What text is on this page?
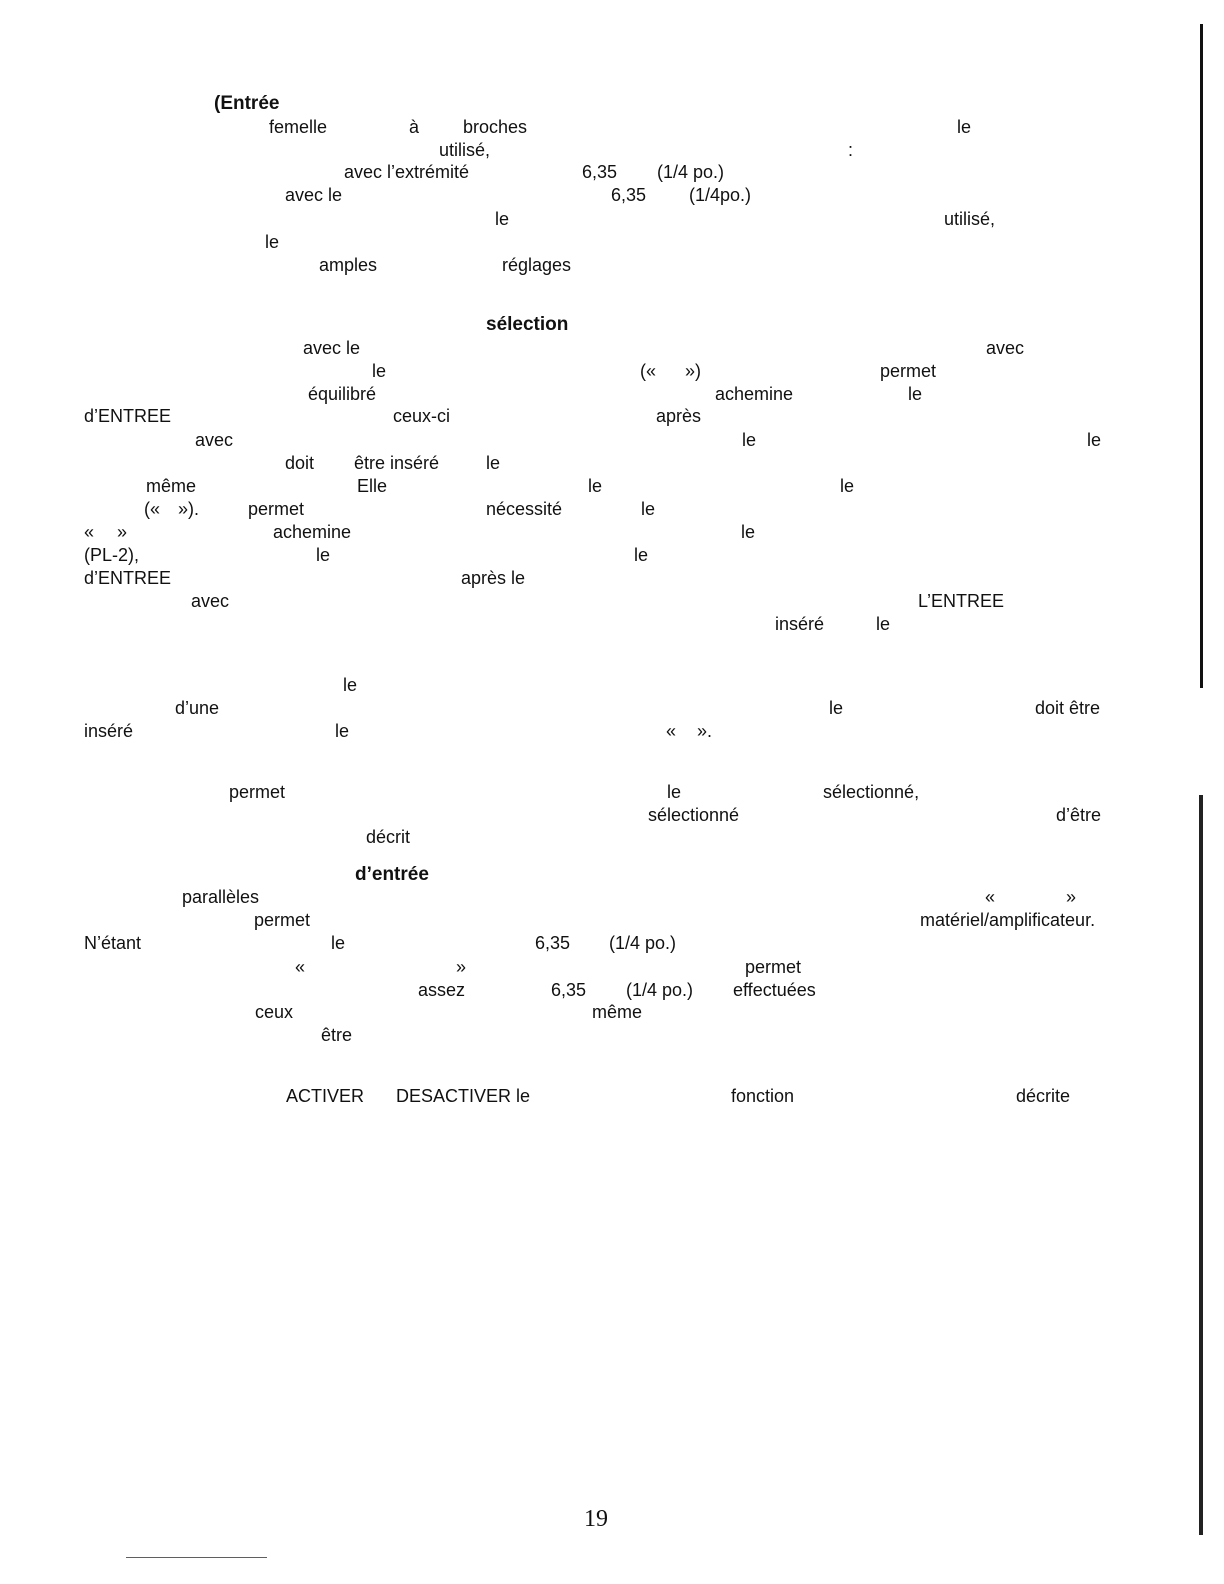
(Entrée
femelle	à broches	le
utilisé,	:
avec l’extrémité	6,35 (1/4 po.)
avec le	6,35 (1/4po.)
le	utilisé,
le
amples	réglages
sélection
avec le	avec
le	(« »)	permet
équilibré	achemine	le
d’ENTREE	ceux-ci	après
avec	le	le
doit être inséré	le
même	Elle	le	le
(« »).	permet	nécessité	le
« »	achemine	le
(PL-2),	le	le
d’ENTREE	après le
avec	L’ENTREE
inséré	le
le
d’une	le	doit être
inséré	le	« ».
permet	le	sélectionné,
sélectionné	d’être
décrit
d’entrée
parallèles	«	»
permet	matériel/amplificateur.
N’étant	le	6,35 (1/4 po.)
«	»	permet
assez	6,35 (1/4 po.) effectuées
ceux	même
être
ACTIVER DESACTIVER le	fonction	décrite
19
